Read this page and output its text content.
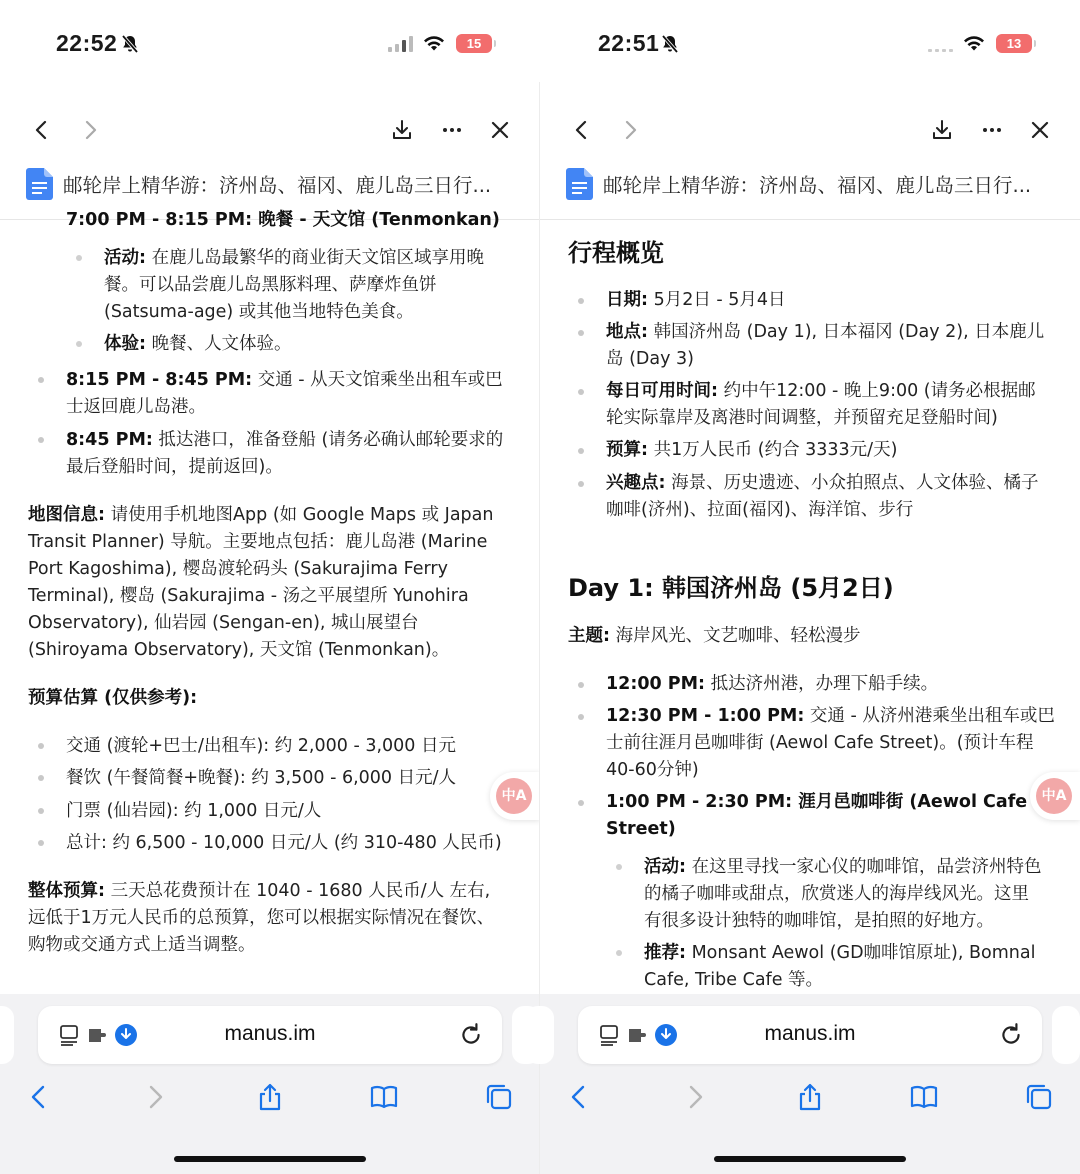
22:52	15
邮轮岸上精华游：济州岛、福冈、鹿儿岛三日行...
7:00 PM - 8:15 PM: 晚餐 - 天文馆 (Tenmonkan)
活动: 在鹿儿岛最繁华的商业街天文馆区域享用晚
餐。可以品尝鹿儿岛黑豚料理、萨摩炸鱼饼
(Satsuma-age) 或其他当地特色美食。
体验: 晚餐、人文体验。
8:15 PM - 8:45 PM: 交通 - 从天文馆乘坐出租车或巴
士返回鹿儿岛港。
8:45 PM: 抵达港口，准备登船 (请务必确认邮轮要求的
最后登船时间，提前返回)。
地图信息: 请使用手机地图App (如 Google Maps 或 Japan
Transit Planner) 导航。主要地点包括：鹿儿岛港 (Marine
Port Kagoshima), 樱岛渡轮码头 (Sakurajima Ferry
Terminal), 樱岛 (Sakurajima - 汤之平展望所 Yunohira
Observatory), 仙岩园 (Sengan-en), 城山展望台
(Shiroyama Observatory), 天文馆 (Tenmonkan)。
预算估算 (仅供参考):
交通 (渡轮+巴士/出租车): 约 2,000 - 3,000 日元
餐饮 (午餐简餐+晚餐): 约 3,500 - 6,000 日元/人
门票 (仙岩园): 约 1,000 日元/人
总计: 约 6,500 - 10,000 日元/人 (约 310-480 人民币)
整体预算: 三天总花费预计在 1040 - 1680 人民币/人 左右,
远低于1万元人民币的总预算，您可以根据实际情况在餐饮、
购物或交通方式上适当调整。
中A
manus.im
22:51	13
邮轮岸上精华游：济州岛、福冈、鹿儿岛三日行...
行程概览
日期: 5月2日 - 5月4日
地点: 韩国济州岛 (Day 1), 日本福冈 (Day 2), 日本鹿儿
岛 (Day 3)
每日可用时间: 约中午12:00 - 晚上9:00 (请务必根据邮
轮实际靠岸及离港时间调整，并预留充足登船时间)
预算: 共1万人民币 (约合 3333元/天)
兴趣点: 海景、历史遗迹、小众拍照点、人文体验、橘子
咖啡(济州)、拉面(福冈)、海洋馆、步行
Day 1: 韩国济州岛 (5月2日)
主题: 海岸风光、文艺咖啡、轻松漫步
12:00 PM: 抵达济州港，办理下船手续。
12:30 PM - 1:00 PM: 交通 - 从济州港乘坐出租车或巴
士前往涯月邑咖啡街 (Aewol Cafe Street)。(预计车程
40-60分钟)
1:00 PM - 2:30 PM: 涯月邑咖啡街 (Aewol Cafe
Street)
活动: 在这里寻找一家心仪的咖啡馆，品尝济州特色
的橘子咖啡或甜点，欣赏迷人的海岸线风光。这里
有很多设计独特的咖啡馆，是拍照的好地方。
推荐: Monsant Aewol (GD咖啡馆原址), Bomnal
Cafe, Tribe Cafe 等。
中A
manus.im
